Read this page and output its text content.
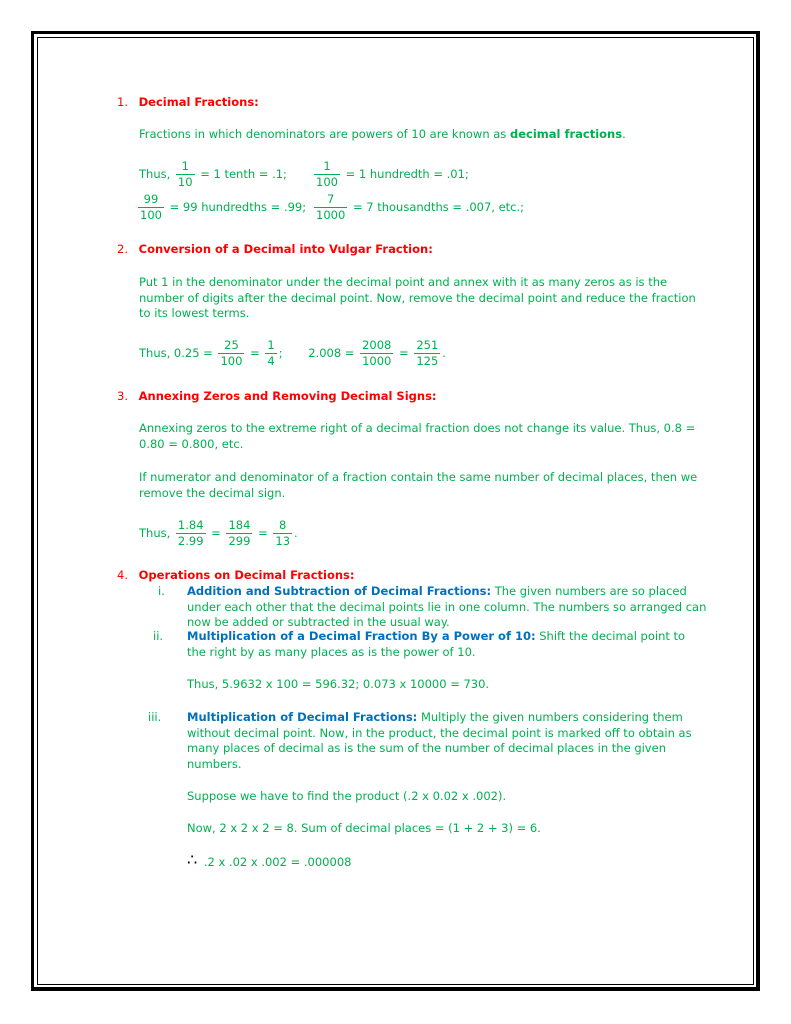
1. Decimal Fractions:
Fractions in which denominators are powers of 10 are known as decimal fractions.
Thus, $\frac{1}{10} = 1$ tenth = .1; $\frac{1}{100} = 1$ hundredth = .01;
$\frac{99}{100} = 99$ hundredths = .99; $\frac{7}{1000} = 7$ thousandths = .007, etc.;
2. Conversion of a Decimal into Vulgar Fraction:
Put 1 in the denominator under the decimal point and annex with it as many zeros as is the number of digits after the decimal point. Now, remove the decimal point and reduce the fraction to its lowest terms.
Thus, $0.25 = \frac{25}{100} = \frac{1}{4}$ ; $2.008 = \frac{2008}{1000} = \frac{251}{125}$ .
3. Annexing Zeros and Removing Decimal Signs:
Annexing zeros to the extreme right of a decimal fraction does not change its value. Thus, 0.8 = 0.80 = 0.800, etc.
If numerator and denominator of a fraction contain the same number of decimal places, then we remove the decimal sign.
Thus, $\frac{1.84}{2.99} = \frac{184}{299} = \frac{8}{13}$ .
4. Operations on Decimal Fractions:
i. Addition and Subtraction of Decimal Fractions: The given numbers are so placed under each other that the decimal points lie in one column. The numbers so arranged can now be added or subtracted in the usual way.
ii. Multiplication of a Decimal Fraction By a Power of 10: Shift the decimal point to the right by as many places as is the power of 10.
Thus, 5.9632 x 100 = 596.32; 0.073 x 10000 = 730.
iii. Multiplication of Decimal Fractions: Multiply the given numbers considering them without decimal point. Now, in the product, the decimal point is marked off to obtain as many places of decimal as is the sum of the number of decimal places in the given numbers.
Suppose we have to find the product (.2 x 0.02 x .002).
Now, 2 x 2 x 2 = 8. Sum of decimal places = (1 + 2 + 3) = 6.
∴ .2 x .02 x .002 = .000008
